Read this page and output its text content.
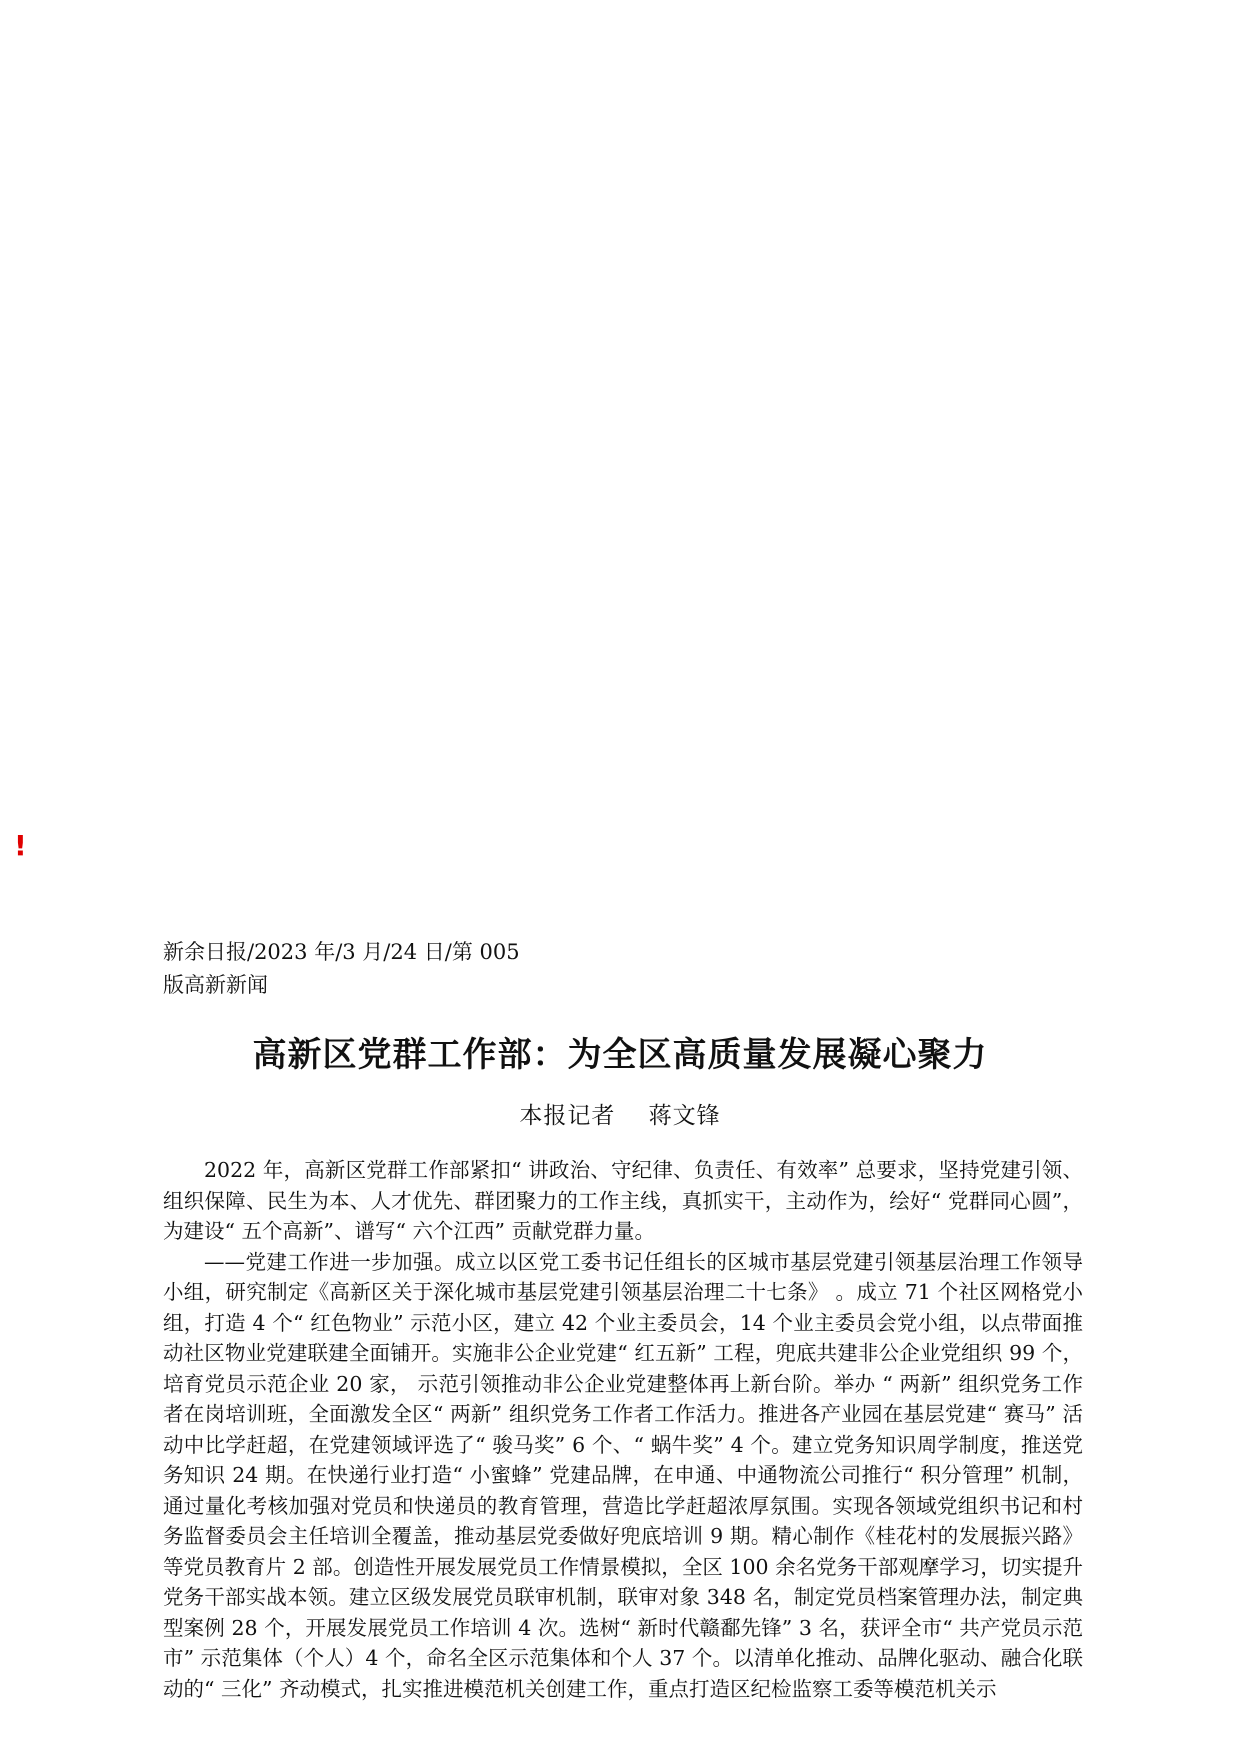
!
新余日报/2023 年/3 月/24 日/第 005
版高新新闻
高新区党群工作部：为全区高质量发展凝心聚力
本报记者 蒋文锋

2022 年，高新区党群工作部紧扣“ 讲政治、守纪律、负责任、有效率” 总要求，坚持党建引领、组织保障、民生为本、人才优先、群团聚力的工作主线，真抓实干，主动作为，绘好“ 党群同心圆”，为建设“ 五个高新”、谱写“ 六个江西” 贡献党群力量。

——党建工作进一步加强。成立以区党工委书记任组长的区城市基层党建引领基层治理工作领导小组，研究制定《高新区关于深化城市基层党建引领基层治理二十七条》 。成立 71 个社区网格党小组，打造 4 个“ 红色物业” 示范小区，建立 42 个业主委员会，14 个业主委员会党小组，以点带面推动社区物业党建联建全面铺开。实施非公企业党建“ 红五新” 工程，兜底共建非公企业党组织 99 个， 培育党员示范企业 20 家， 示范引领推动非公企业党建整体再上新台阶。举办 “ 两新” 组织党务工作者在岗培训班，全面激发全区“ 两新” 组织党务工作者工作活力。推进各产业园在基层党建“ 赛马” 活动中比学赶超，在党建领域评选了“ 骏马奖” 6 个、“ 蜗牛奖” 4 个。建立党务知识周学制度，推送党务知识 24 期。在快递行业打造“ 小蜜蜂” 党建品牌，在申通、中通物流公司推行“ 积分管理” 机制，通过量化考核加强对党员和快递员的教育管理，营造比学赶超浓厚氛围。实现各领域党组织书记和村务监督委员会主任培训全覆盖，推动基层党委做好兜底培训 9 期。精心制作《桂花村的发展振兴路》等党员教育片 2 部。创造性开展发展党员工作情景模拟，全区 100 余名党务干部观摩学习，切实提升党务干部实战本领。建立区级发展党员联审机制，联审对象 348 名，制定党员档案管理办法，制定典型案例 28 个，开展发展党员工作培训 4 次。选树“ 新时代赣鄱先锋” 3 名，获评全市“ 共产党员示范市” 示范集体（个人）4 个，命名全区示范集体和个人 37 个。以清单化推动、品牌化驱动、融合化联动的“ 三化” 齐动模式，扎实推进模范机关创建工作，重点打造区纪检监察工委等模范机关示
